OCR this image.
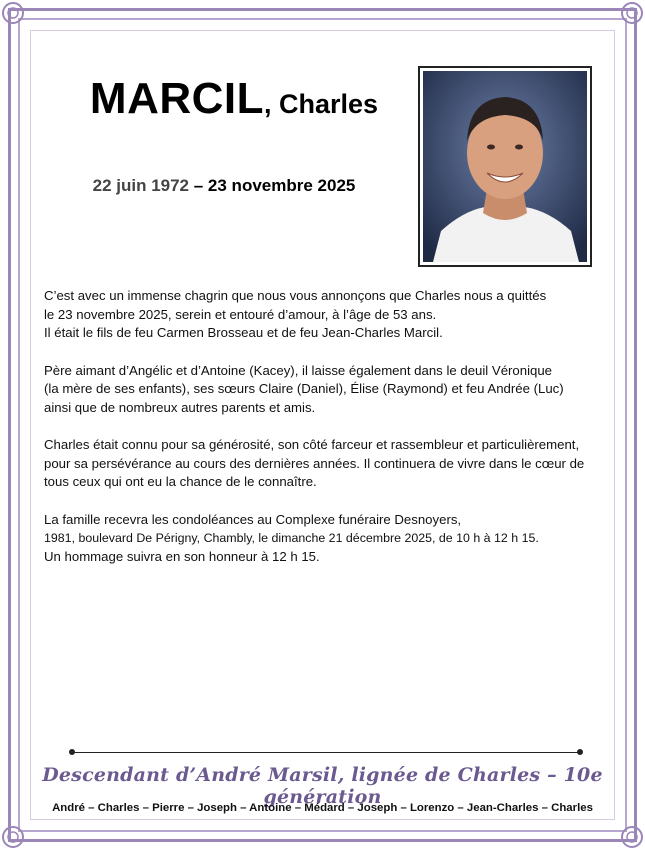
MARCIL, Charles
22 juin 1972 – 23 novembre 2025

C’est avec un immense chagrin que nous vous annonçons que Charles nous a quittés
le 23 novembre 2025, serein et entouré d’amour, à l’âge de 53 ans.
Il était le fils de feu Carmen Brosseau et de feu Jean-Charles Marcil.

Père aimant d’Angélic et d’Antoine (Kacey), il laisse également dans le deuil Véronique
(la mère de ses enfants), ses sœurs Claire (Daniel), Élise (Raymond) et feu Andrée (Luc)
ainsi que de nombreux autres parents et amis.

Charles était connu pour sa générosité, son côté farceur et rassembleur et particulièrement,
pour sa persévérance au cours des dernières années. Il continuera de vivre dans le cœur de
tous ceux qui ont eu la chance de le connaître.

La famille recevra les condoléances au Complexe funéraire Desnoyers,
1981, boulevard De Périgny, Chambly, le dimanche 21 décembre 2025, de 10 h à 12 h 15.
Un hommage suivra en son honneur à 12 h 15.

Descendant d’André Marsil, lignée de Charles – 10e génération
André – Charles – Pierre – Joseph – Antoine – Médard – Joseph – Lorenzo – Jean-Charles – Charles
